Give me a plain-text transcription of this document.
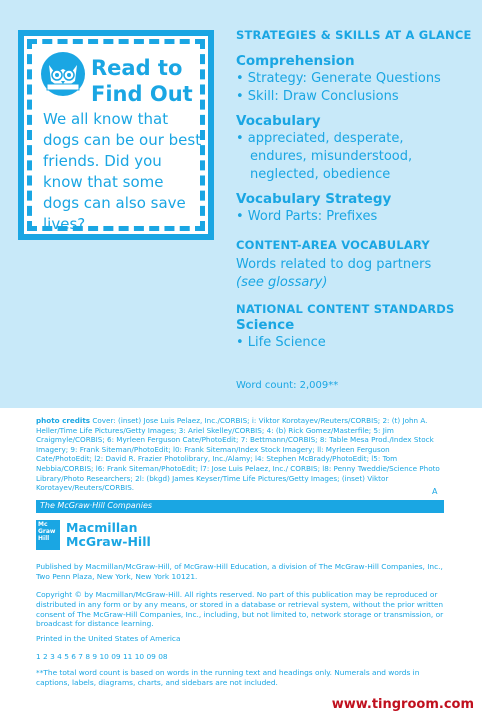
Read to
Find Out
We all know that dogs can be our best friends. Did you know that some dogs can also save lives?

STRATEGIES & SKILLS AT A GLANCE

Comprehension

• Strategy: Generate Questions

• Skill: Draw Conclusions

Vocabulary

• appreciated, desperate,

endures, misunderstood,

neglected, obedience

Vocabulary Strategy

• Word Parts: Prefixes

CONTENT-AREA VOCABULARY

Words related to dog partners

(see glossary)

NATIONAL CONTENT STANDARDS

Science

• Life Science

Word count: 2,009**
photo credits Cover: (inset) Jose Luis Pelaez, Inc./CORBIS; i: Viktor Korotayev/Reuters/CORBIS; 2: (t) John A. Heller/Time Life Pictures/Getty Images; 3: Ariel Skelley/CORBIS; 4: (b) Rick Gomez/Masterfile; 5: Jim Craigmyle/CORBIS; 6: Myrleen Ferguson Cate/PhotoEdit; 7: Bettmann/CORBIS; 8: Table Mesa Prod./Index Stock Imagery; 9: Frank Siteman/PhotoEdit; l0: Frank Siteman/Index Stock Imagery; ll: Myrleen Ferguson Cate/PhotoEdit; l2: David R. Frazier Photolibrary, Inc./Alamy; l4: Stephen McBrady/PhotoEdit; l5: Tom Nebbia/CORBIS; l6: Frank Siteman/PhotoEdit; l7: Jose Luis Pelaez, Inc./ CORBIS; l8: Penny Tweddie/Science Photo Library/Photo Researchers; 2l: (bkgd) James Keyser/Time Life Pictures/Getty Images; (inset) Viktor Korotayev/Reuters/CORBIS.	A
The McGraw·Hill Companies
Mc Graw Hill
Macmillan
McGraw-Hill
Published by Macmillan/McGraw-Hill, of McGraw-Hill Education, a division of The McGraw-Hill Companies, Inc., Two Penn Plaza, New York, New York 10121.
Copyright © by Macmillan/McGraw-Hill. All rights reserved. No part of this publication may be reproduced or distributed in any form or by any means, or stored in a database or retrieval system, without the prior written consent of The McGraw-Hill Companies, Inc., including, but not limited to, network storage or transmission, or broadcast for distance learning.
Printed in the United States of America
1 2 3 4 5 6 7 8 9 10 09 11 10 09 08
**The total word count is based on words in the running text and headings only. Numerals and words in captions, labels, diagrams, charts, and sidebars are not included.
www.tingroom.com
